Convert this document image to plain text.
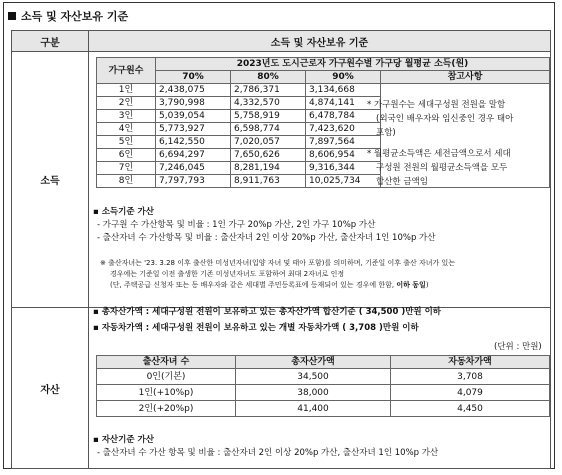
소득 및 자산보유 기준
구분	소득 및 자산보유 기준
소득	
자산	
가구원수	2023년도 도시근로자 가구원수별 가구당 월평균 소득(원)			
	70%	80%	90%	참고사항
1인	2,438,075	2,786,371	3,134,668	
2인	3,790,998	4,332,570	4,874,141	
3인	5,039,054	5,758,919	6,478,784	
4인	5,773,927	6,598,774	7,423,620	
5인	6,142,550	7,020,057	7,897,564	
6인	6,694,297	7,650,626	8,606,954	
7인	7,246,045	8,281,194	9,316,344	
8인	7,797,793	8,911,763	10,025,734	
* 가구원수는 세대구성원 전원을 말함
(외국인 배우자와 임신중인 경우 태아
포함)
* 월평균소득액은 세전금액으로서 세대
구성원 전원의 월평균소득액을 모두
합산한 금액임
▪ 소득기준 가산
- 가구원 수 가산항목 및 비율 : 1인 가구 20%p 가산, 2인 가구 10%p 가산
- 출산자녀 수 가산항목 및 비율 : 출산자녀 2인 이상 20%p 가산, 출산자녀 1인 10%p 가산
※ 출산자녀는 '23. 3.28 이후 출산한 미성년자녀(입양 자녀 및 태아 포함)를 의미하며, 기준일 이후 출산 자녀가 있는
경우에는 기준일 이전 출생한 기존 미성년자녀도 포함하여 최대 2자녀로 인정
(단, 주택공급 신청자 또는 동 배우자와 같은 세대별 주민등록표에 등재되어 있는 경우에 한함, 이하 동일)
▪ 총자산가액 : 세대구성원 전원이 보유하고 있는 총자산가액 합산기준 ( 34,500 )만원 이하
▪ 자동차가액 : 세대구성원 전원이 보유하고 있는 개별 자동차가액 ( 3,708 )만원 이하
(단위 : 만원)
출산자녀 수	총자산가액	자동차가액
0인(기본)	34,500	3,708
1인(+10%p)	38,000	4,079
2인(+20%p)	41,400	4,450
▪ 자산기준 가산
- 출산자녀 수 가산 항목 및 비율 : 출산자녀 2인 이상 20%p 가산, 출산자녀 1인 10%p 가산
